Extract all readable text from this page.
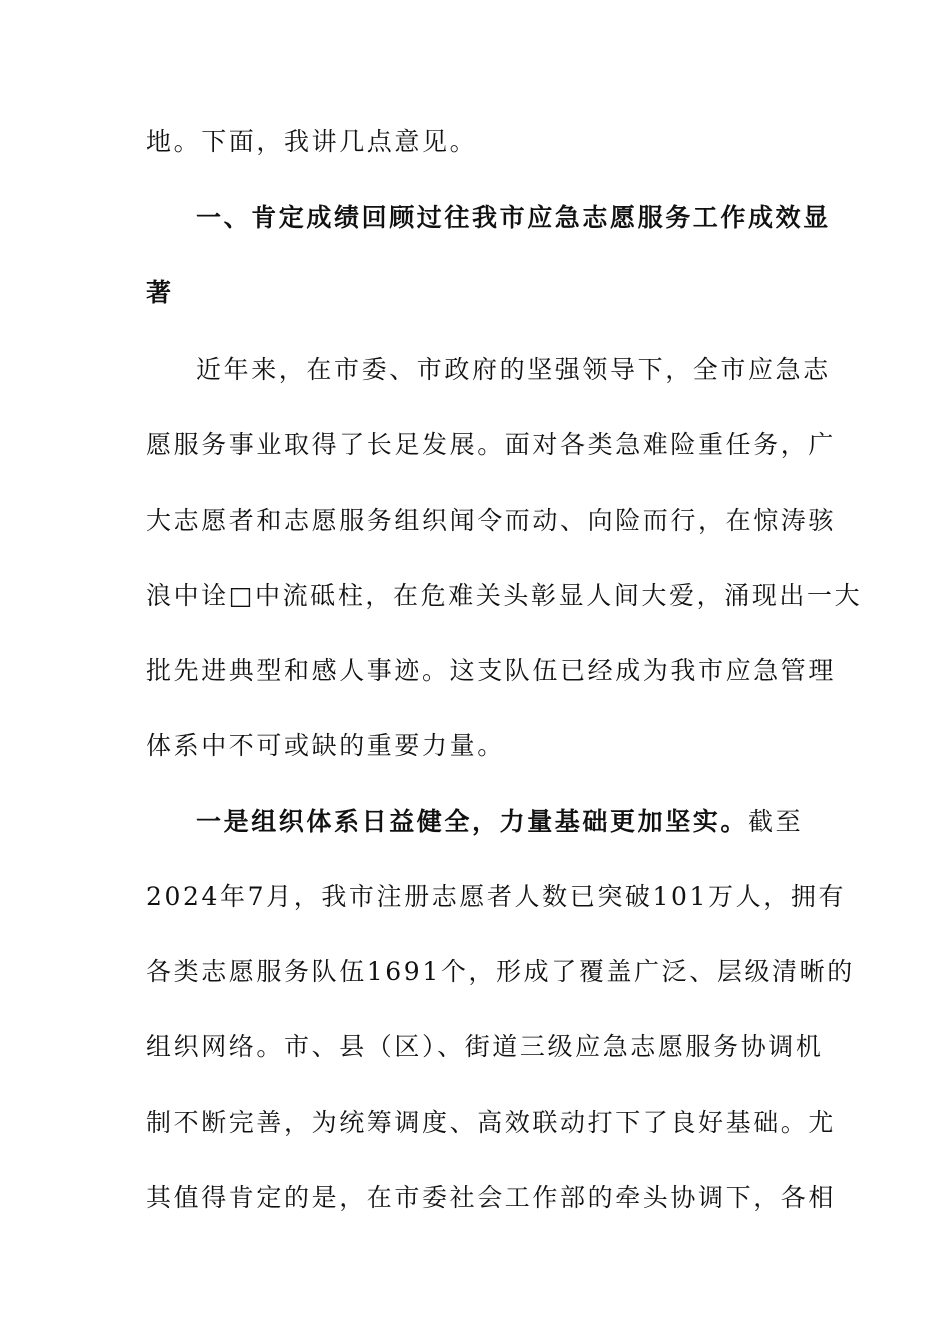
地。下面，我讲几点意见。
一、肯定成绩回顾过往我市应急志愿服务工作成效显
著
近年来，在市委、市政府的坚强领导下，全市应急志
愿服务事业取得了长足发展。面对各类急难险重任务，广
大志愿者和志愿服务组织闻令而动、向险而行，在惊涛骇
浪中诠□中流砥柱，在危难关头彰显人间大爱，涌现出一大
批先进典型和感人事迹。这支队伍已经成为我市应急管理
体系中不可或缺的重要力量。
一是组织体系日益健全，力量基础更加坚实。截至
2024年7月，我市注册志愿者人数已突破101万人，拥有
各类志愿服务队伍1691个，形成了覆盖广泛、层级清晰的
组织网络。市、县（区）、街道三级应急志愿服务协调机
制不断完善，为统筹调度、高效联动打下了良好基础。尤
其值得肯定的是，在市委社会工作部的牵头协调下，各相
